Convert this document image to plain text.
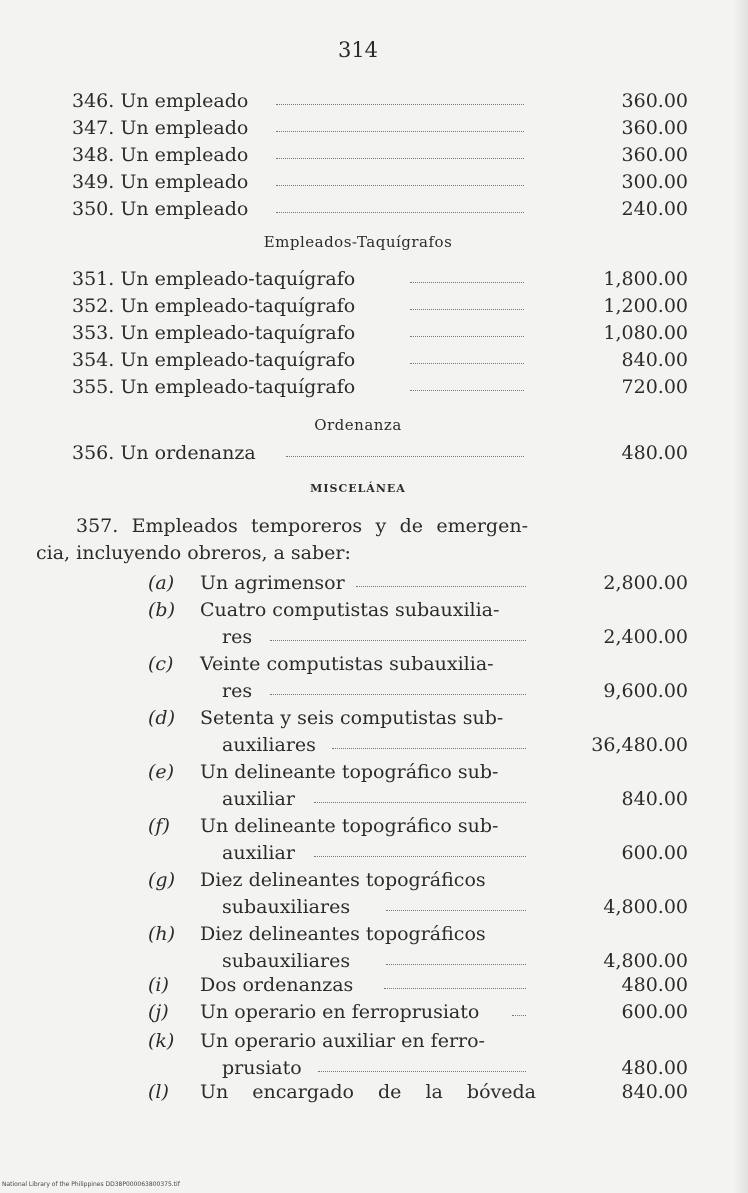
314
346. Un empleado	360.00
347. Un empleado	360.00
348. Un empleado	360.00
349. Un empleado	300.00
350. Un empleado	240.00
Empleados-Taquígrafos
351. Un empleado-taquígrafo	1,800.00
352. Un empleado-taquígrafo	1,200.00
353. Un empleado-taquígrafo	1,080.00
354. Un empleado-taquígrafo	840.00
355. Un empleado-taquígrafo	720.00
Ordenanza
356. Un ordenanza	480.00
MISCELÁNEA
357. Empleados temporeros y de emergen-
cia, incluyendo obreros, a saber:
(a) Un agrimensor	2,800.00
(b) Cuatro computistas subauxilia-
res	2,400.00
(c) Veinte computistas subauxilia-
res	9,600.00
(d) Setenta y seis computistas sub-
auxiliares	36,480.00
(e) Un delineante topográfico sub-
auxiliar	840.00
(f) Un delineante topográfico sub-
auxiliar	600.00
(g) Diez delineantes topográficos
subauxiliares	4,800.00
(h) Diez delineantes topográficos
subauxiliares	4,800.00
(i) Dos ordenanzas	480.00
(j) Un operario en ferroprusiato	600.00
(k) Un operario auxiliar en ferro-
prusiato	480.00
(l) Un encargado de la bóveda	840.00
National Library of the Philippines DD38P000063800375.tif
